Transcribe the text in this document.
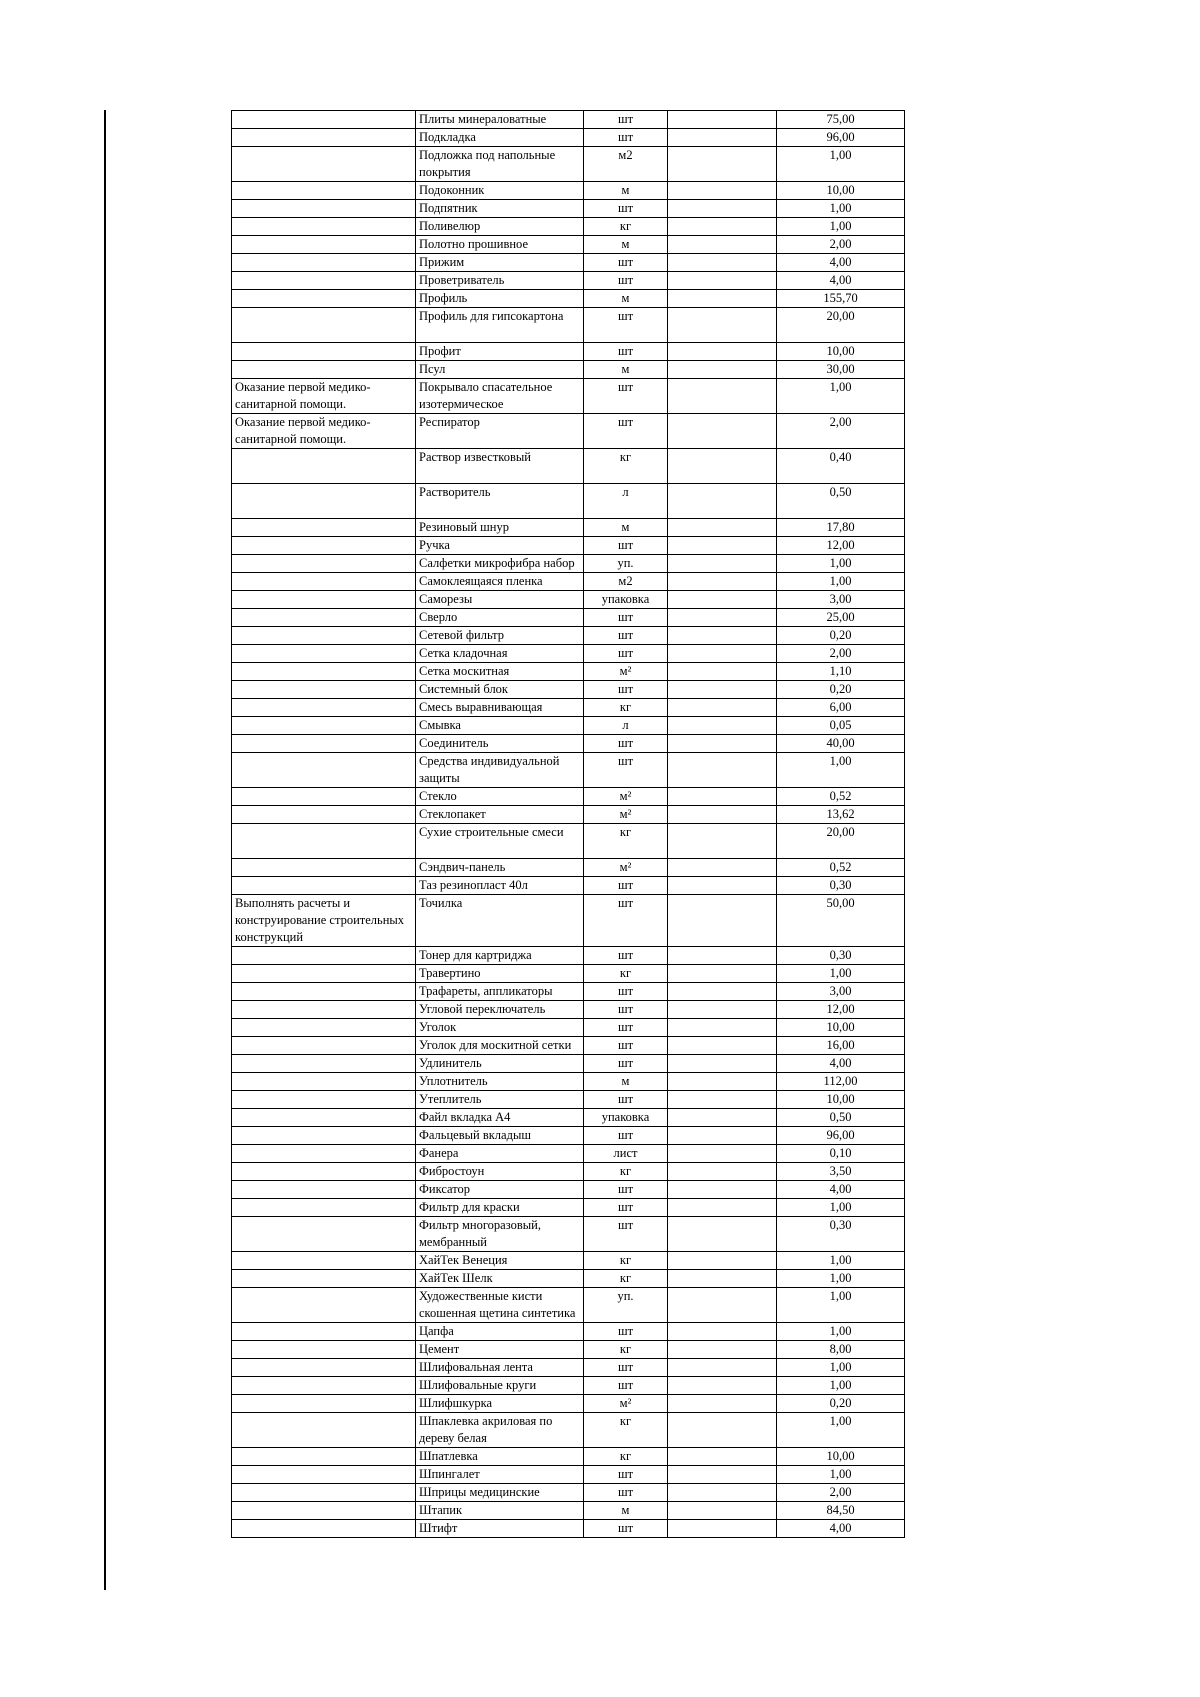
	Плиты минераловатные	шт		75,00
	Подкладка	шт		96,00
	Подложка под напольные покрытия	м2		1,00
	Подоконник	м		10,00
	Подпятник	шт		1,00
	Поливелюр	кг		1,00
	Полотно прошивное	м		2,00
	Прижим	шт		4,00
	Проветриватель	шт		4,00
	Профиль	м		155,70
	Профиль для гипсокартона	шт		20,00
	Профит	шт		10,00
	Псул	м		30,00
Оказание первой медико-санитарной помощи.	Покрывало спасательное изотермическое	шт		1,00
Оказание первой медико-санитарной помощи.	Респиратор	шт		2,00
	Раствор известковый	кг		0,40
	Растворитель	л		0,50
	Резиновый шнур	м		17,80
	Ручка	шт		12,00
	Салфетки микрофибра набор	уп.		1,00
	Самоклеящаяся пленка	м2		1,00
	Саморезы	упаковка		3,00
	Сверло	шт		25,00
	Сетевой фильтр	шт		0,20
	Сетка кладочная	шт		2,00
	Сетка москитная	м²		1,10
	Системный блок	шт		0,20
	Смесь выравнивающая	кг		6,00
	Смывка	л		0,05
	Соединитель	шт		40,00
	Средства индивидуальной защиты	шт		1,00
	Стекло	м²		0,52
	Стеклопакет	м²		13,62
	Сухие строительные смеси	кг		20,00
	Сэндвич-панель	м²		0,52
	Таз резинопласт 40л	шт		0,30
Выполнять расчеты и конструирование строительных конструкций	Точилка	шт		50,00
	Тонер для картриджа	шт		0,30
	Травертино	кг		1,00
	Трафареты, аппликаторы	шт		3,00
	Угловой переключатель	шт		12,00
	Уголок	шт		10,00
	Уголок для москитной сетки	шт		16,00
	Удлинитель	шт		4,00
	Уплотнитель	м		112,00
	Утеплитель	шт		10,00
	Файл вкладка А4	упаковка		0,50
	Фальцевый вкладыш	шт		96,00
	Фанера	лист		0,10
	Фибростоун	кг		3,50
	Фиксатор	шт		4,00
	Фильтр для краски	шт		1,00
	Фильтр многоразовый, мембранный	шт		0,30
	ХайТек Венеция	кг		1,00
	ХайТек Шелк	кг		1,00
	Художественные кисти скошенная щетина синтетика	уп.		1,00
	Цапфа	шт		1,00
	Цемент	кг		8,00
	Шлифовальная лента	шт		1,00
	Шлифовальные круги	шт		1,00
	Шлифшкурка	м²		0,20
	Шпаклевка акриловая по дереву белая	кг		1,00
	Шпатлевка	кг		10,00
	Шпингалет	шт		1,00
	Шприцы медицинские	шт		2,00
	Штапик	м		84,50
	Штифт	шт		4,00
